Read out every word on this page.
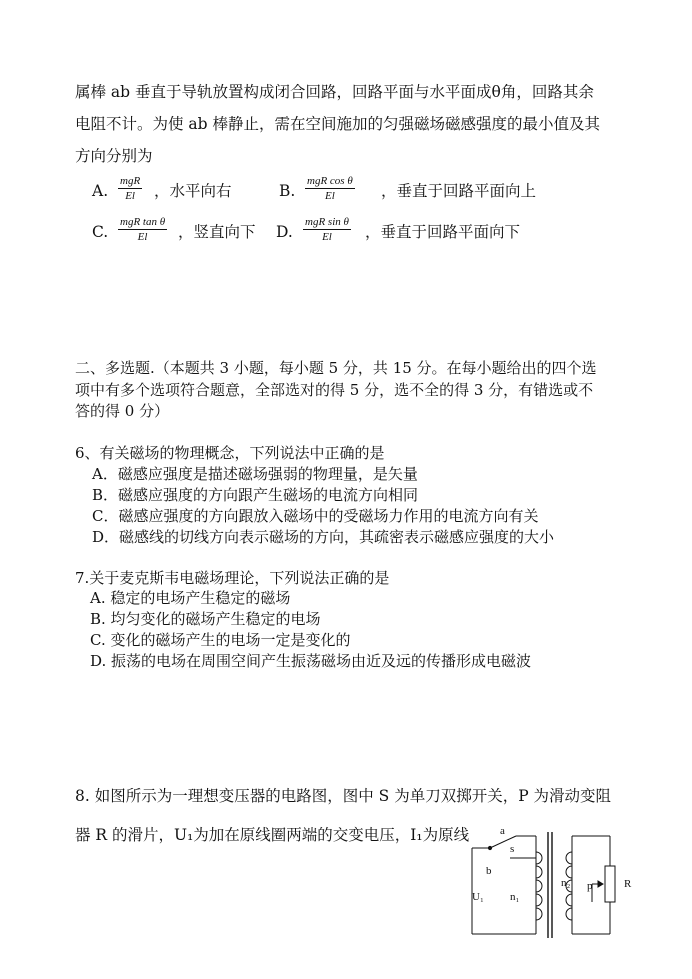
属棒 ab 垂直于导轨放置构成闭合回路，回路平面与水平面成θ角，回路其余
电阻不计。为使 ab 棒静止，需在空间施加的匀强磁场磁感强度的最小值及其
方向分别为
A.
mgR
El ，水平向右	B.
mgR cos θ
El	，垂直于回路平面向上
C.
mgR tan θ
El ，竖直向下 D.
mgR sin θ
El ，垂直于回路平面向下
二、多选题.（本题共 3 小题，每小题 5 分，共 15 分。在每小题给出的四个选
项中有多个选项符合题意，全部选对的得 5 分，选不全的得 3 分，有错选或不
答的得 0 分）
6、有关磁场的物理概念，下列说法中正确的是
A．磁感应强度是描述磁场强弱的物理量，是矢量
B．磁感应强度的方向跟产生磁场的电流方向相同
C．磁感应强度的方向跟放入磁场中的受磁场力作用的电流方向有关
D．磁感线的切线方向表示磁场的方向，其疏密表示磁感应强度的大小
7.关于麦克斯韦电磁场理论，下列说法正确的是
A. 稳定的电场产生稳定的磁场
B. 均匀变化的磁场产生稳定的电场
C. 变化的磁场产生的电场一定是变化的
D. 振荡的电场在周围空间产生振荡磁场由近及远的传播形成电磁波
8. 如图所示为一理想变压器的电路图，图中 S 为单刀双掷开关，P 为滑动变阻
器 R 的滑片，U₁为加在原线圈两端的交变电压，I₁为原线	a
s
b
U₁ n₁
n₂ p	R
